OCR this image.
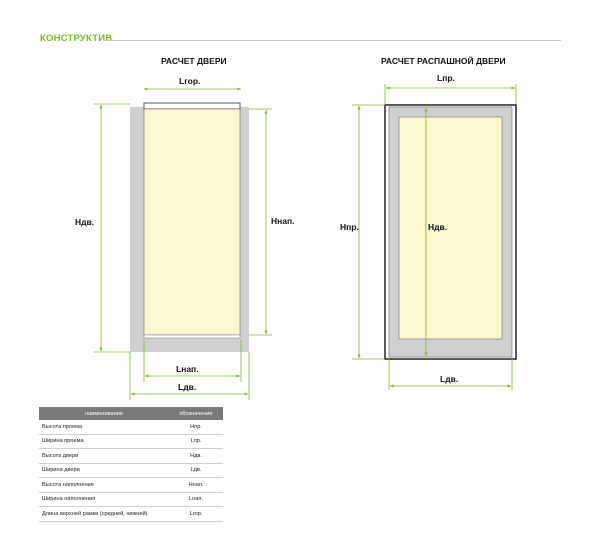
КОНСТРУКТИВ
РАСЧЕТ ДВЕРИ	РАСЧЕТ РАСПАШНОЙ ДВЕРИ
Lгор.
Hдв.	Hнап.
Lнап.
Lдв.
Lпр.
Hпр.	Hдв.
Lдв.
наименование	обозначение
Высота проема	Hпр.
Ширина проема	Lпр.
Высота двери	Hдв.
Ширина двери	Lдв.
Высота наполнения	Hнап.
Ширина наполнения	Lнап.
Длина верхней рамки (средней, нижней)	Lгор.
